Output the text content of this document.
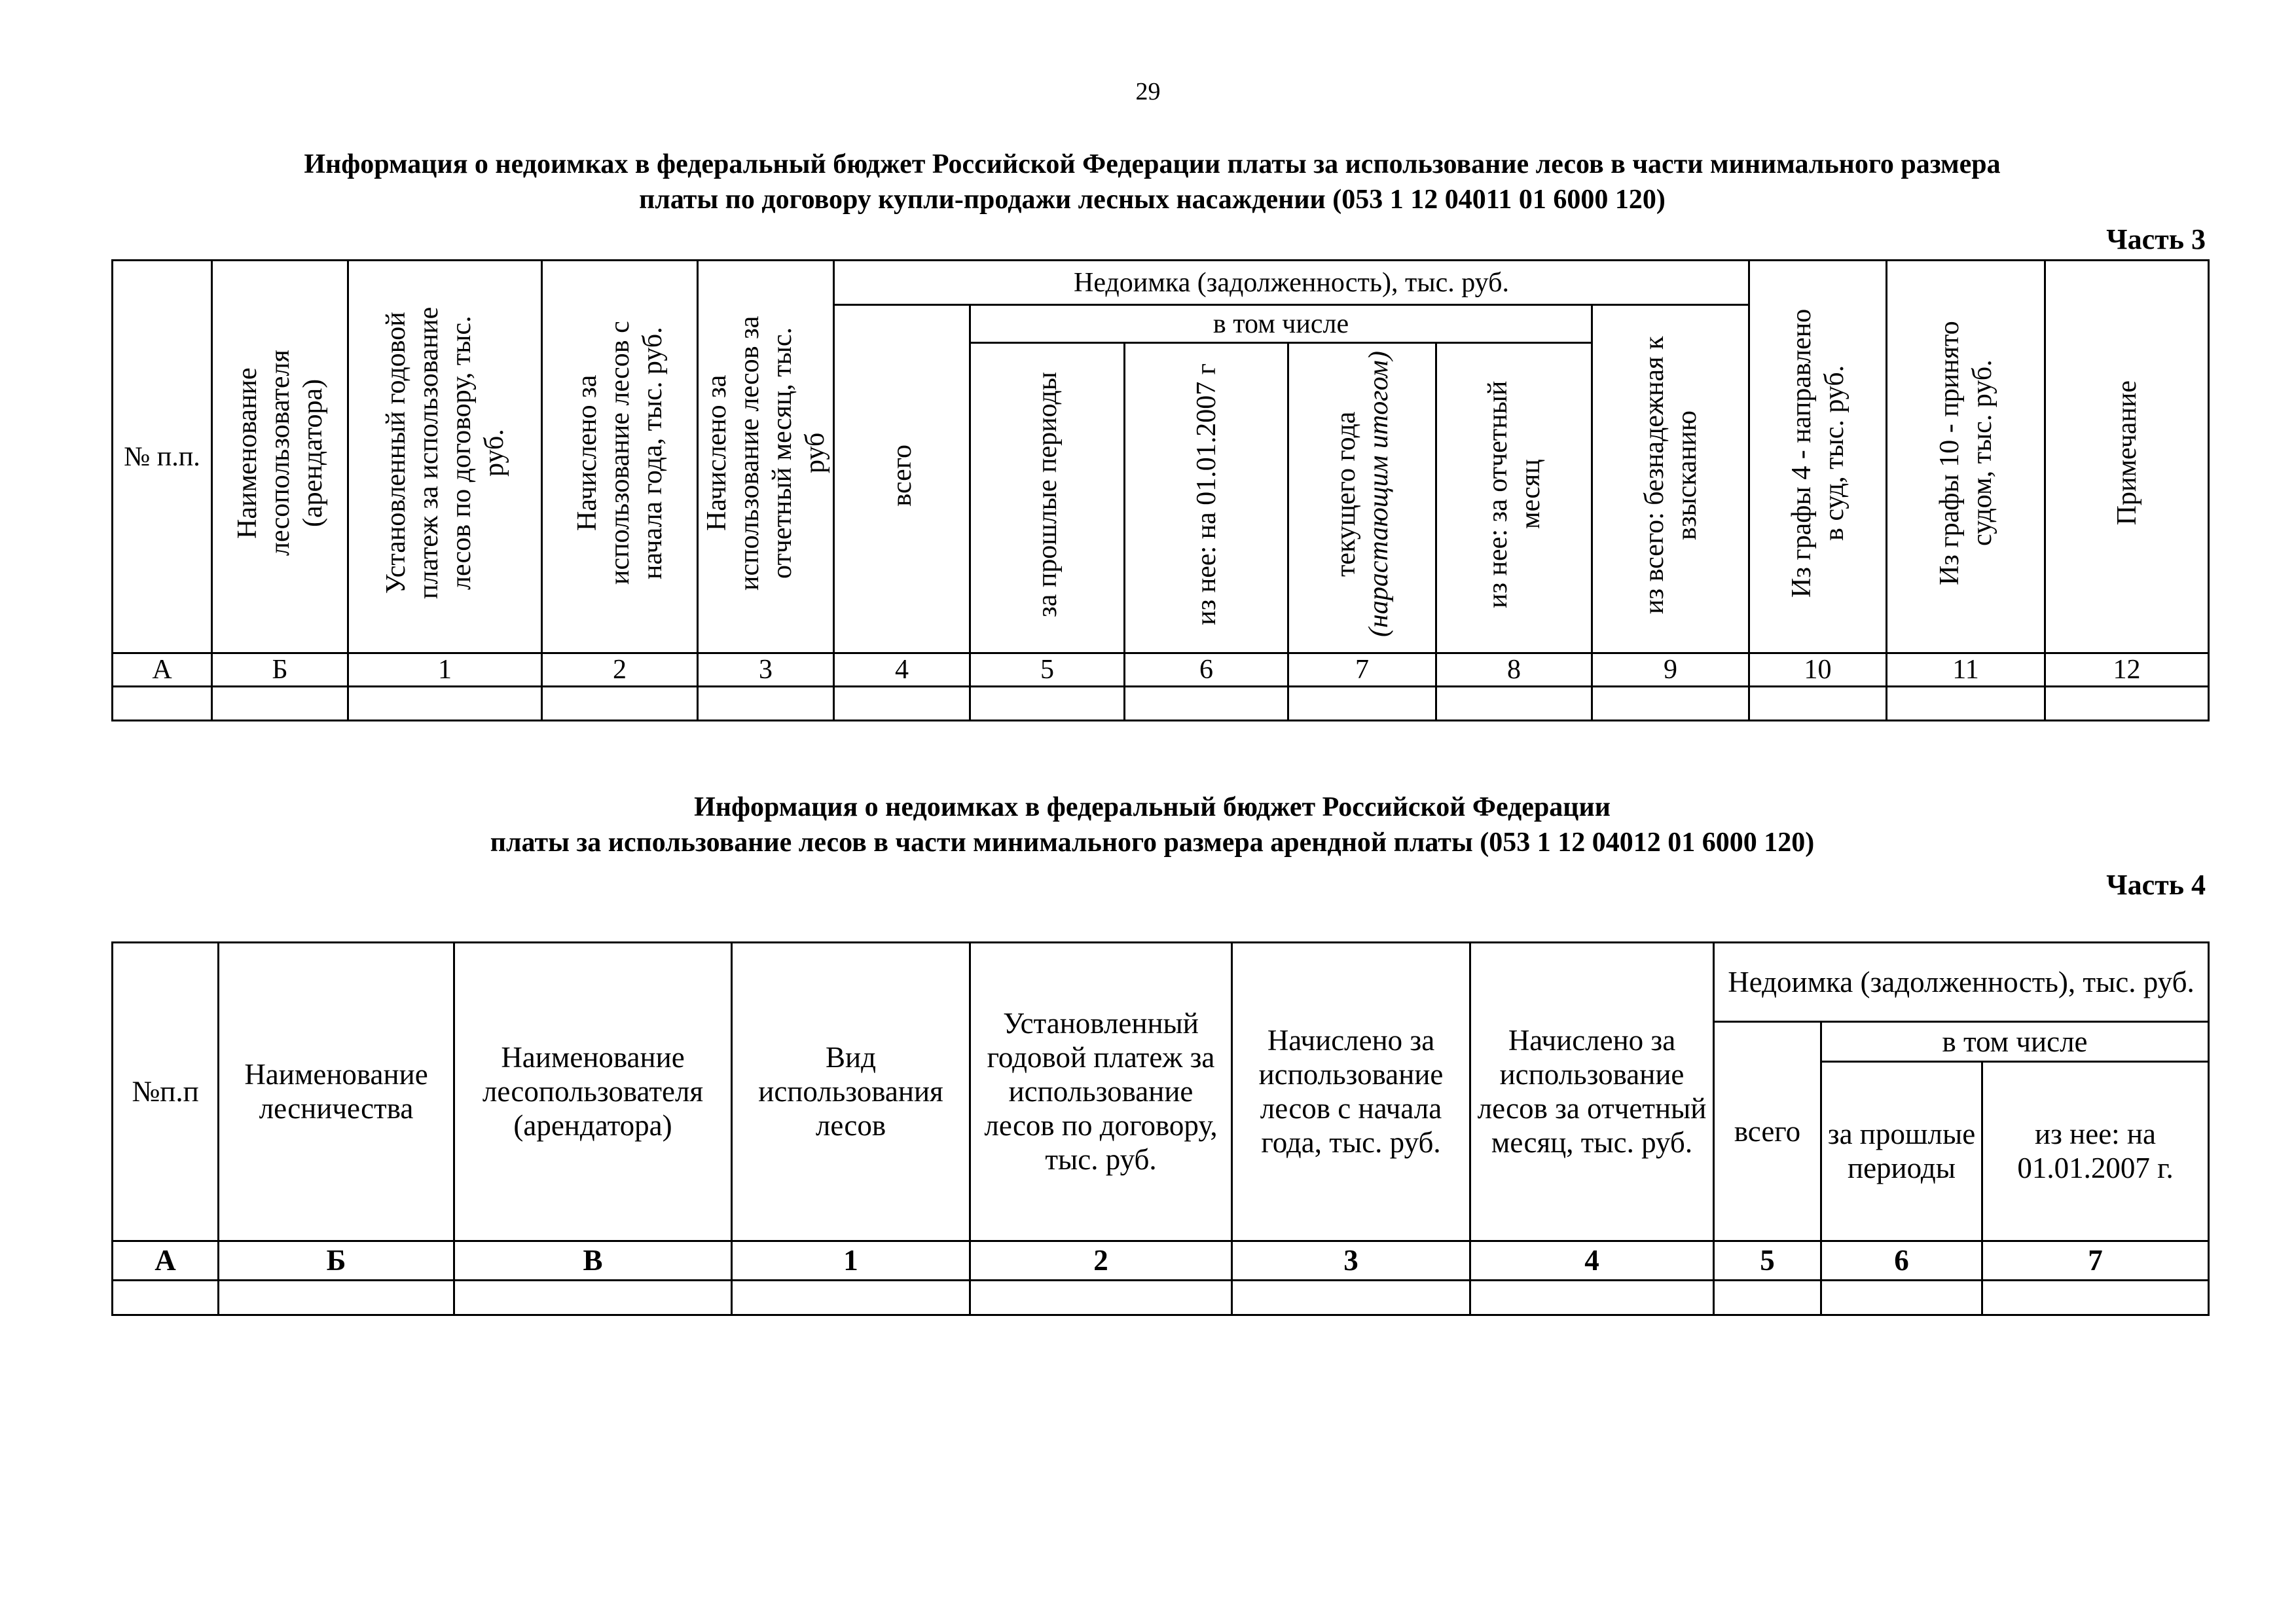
29
Информация о недоимках в федеральный бюджет Российской Федерации платы за использование лесов в части минимального размера
платы по договору купли-продажи лесных насаждении (053 1 12 04011 01 6000 120)
Часть 3
№ п.п.	Наименование лесопользователя (арендатора)	Установленный годовой платеж за использование лесов по договору, тыс. руб.	Начислено за использование лесов с начала года, тыс. руб.	Начислено за использование лесов за отчетный месяц, тыс. руб	Недоимка (задолженность), тыс. руб.						Из графы 4 - направлено в суд, тыс. руб.	Из графы 10 - принято судом, тыс. руб.	Примечание
					всего	в том числе				из всего: безнадежная к взысканию			
						за прошлые периоды	из нее: на 01.01.2007 г	текущего года (нарастающим итогом)	из нее: за отчетный месяц				
А	Б	1	2	3	4	5	6	7	8	9	10	11	12

Информация о недоимках в федеральный бюджет Российской Федерации
платы за использование лесов в части минимального размера арендной платы (053 1 12 04012 01 6000 120)
Часть 4
№п.п	Наименование лесничества	Наименование лесопользователя (арендатора)	Вид использования лесов	Установленный годовой платеж за использование лесов по договору, тыс. руб.	Начислено за использование лесов с начала года, тыс. руб.	Начислено за использование лесов за отчетный месяц, тыс. руб.	Недоимка (задолженность), тыс. руб.		
							всего	в том числе	
								за прошлые периоды	из нее: на 01.01.2007 г.
А	Б	В	1	2	3	4	5	6	7
